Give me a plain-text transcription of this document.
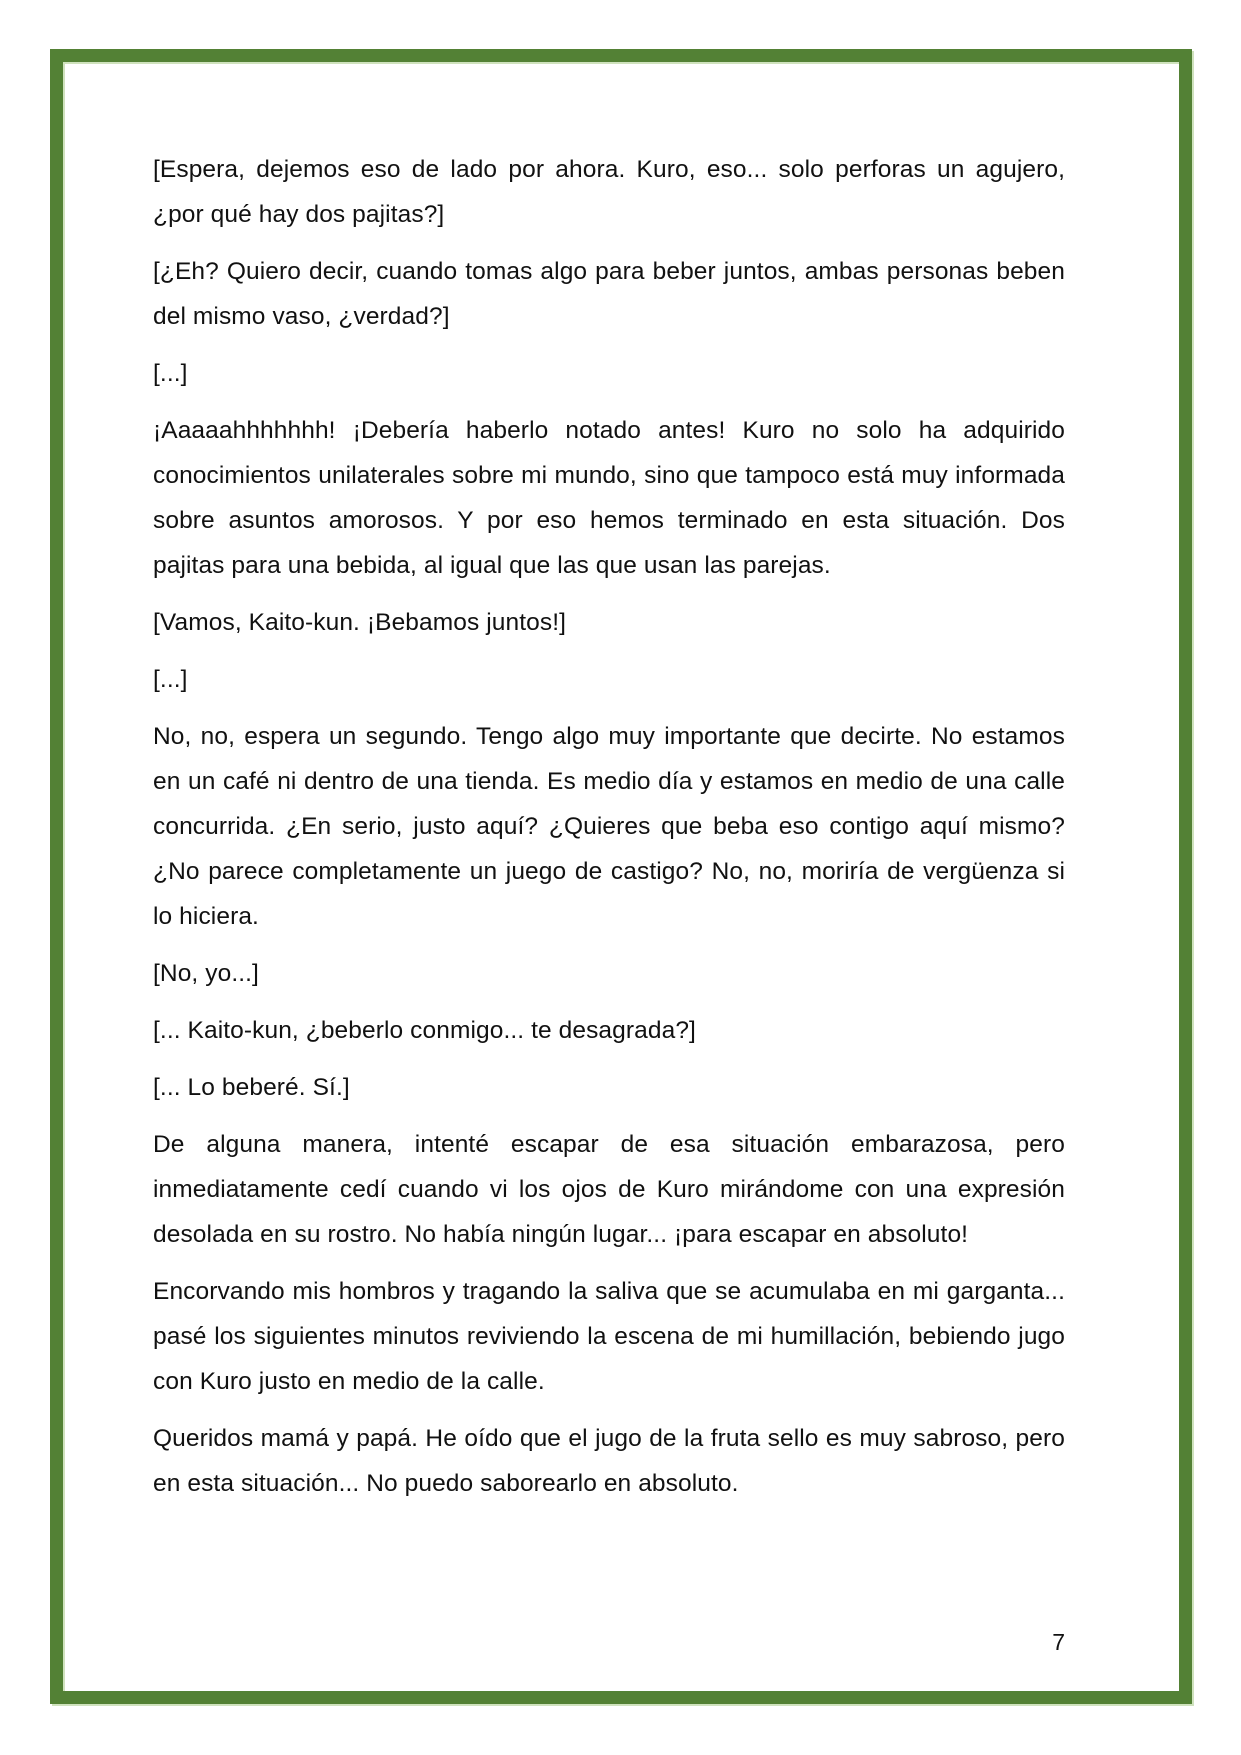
[Espera, dejemos eso de lado por ahora. Kuro, eso... solo perforas un agujero, ¿por qué hay dos pajitas?]

[¿Eh? Quiero decir, cuando tomas algo para beber juntos, ambas personas beben del mismo vaso, ¿verdad?]

[...]

¡Aaaaahhhhhhh! ¡Debería haberlo notado antes! Kuro no solo ha adquirido conocimientos unilaterales sobre mi mundo, sino que tampoco está muy informada sobre asuntos amorosos. Y por eso hemos terminado en esta situación. Dos pajitas para una bebida, al igual que las que usan las parejas.

[Vamos, Kaito-kun. ¡Bebamos juntos!]

[...]

No, no, espera un segundo. Tengo algo muy importante que decirte. No estamos en un café ni dentro de una tienda. Es medio día y estamos en medio de una calle concurrida. ¿En serio, justo aquí? ¿Quieres que beba eso contigo aquí mismo? ¿No parece completamente un juego de castigo? No, no, moriría de vergüenza si lo hiciera.

[No, yo...]

[... Kaito-kun, ¿beberlo conmigo... te desagrada?]

[... Lo beberé. Sí.]

De alguna manera, intenté escapar de esa situación embarazosa, pero inmediatamente cedí cuando vi los ojos de Kuro mirándome con una expresión desolada en su rostro. No había ningún lugar... ¡para escapar en absoluto!

Encorvando mis hombros y tragando la saliva que se acumulaba en mi garganta... pasé los siguientes minutos reviviendo la escena de mi humillación, bebiendo jugo con Kuro justo en medio de la calle.

Queridos mamá y papá. He oído que el jugo de la fruta sello es muy sabroso, pero en esta situación... No puedo saborearlo en absoluto.

7
